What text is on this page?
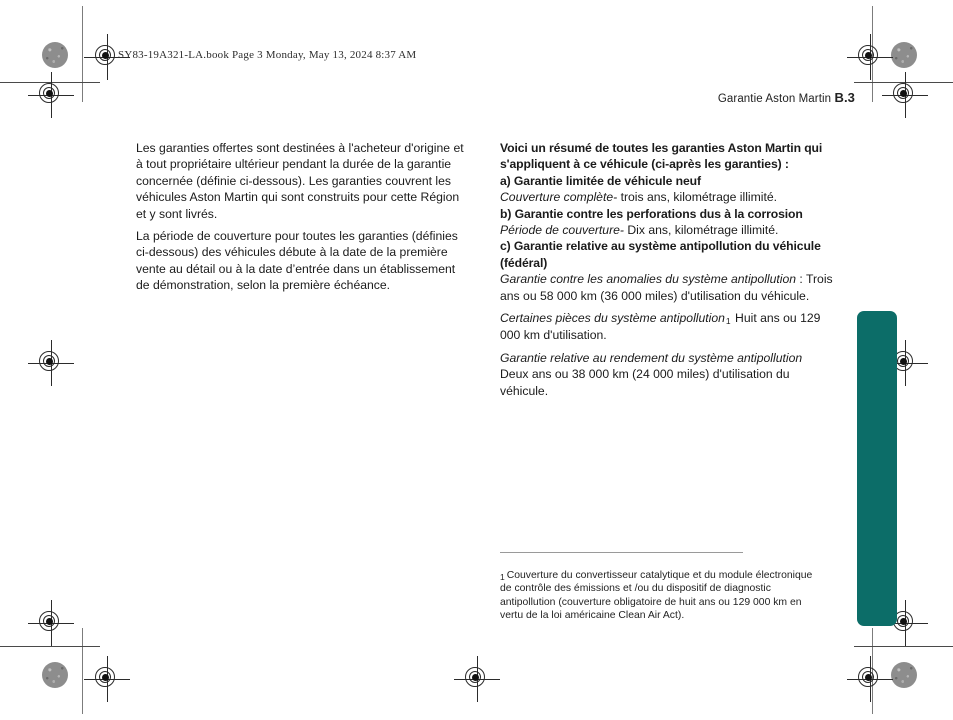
SY83-19A321-LA.book Page 3 Monday, May 13, 2024 8:37 AM
Garantie Aston Martin B.3

Les garanties offertes sont destinées à l'acheteur d'origine et à tout propriétaire ultérieur pendant la durée de la garantie concernée (définie ci-dessous). Les garanties couvrent les véhicules Aston Martin qui sont construits pour cette Région et y sont livrés.

La période de couverture pour toutes les garanties (définies ci-dessous) des véhicules débute à la date de la première vente au détail ou à la date d’entrée dans un établissement de démonstration, selon la première échéance.

Voici un résumé de toutes les garanties Aston Martin qui s'appliquent à ce véhicule (ci-après les garanties) :

a) Garantie limitée de véhicule neuf

Couverture complète- trois ans, kilométrage illimité.

b) Garantie contre les perforations dus à la corrosion

Période de couverture- Dix ans, kilométrage illimité.

c) Garantie relative au système antipollution du véhicule
(fédéral)

Garantie contre les anomalies du système antipollution : Trois ans ou 58 000 km (36 000 miles) d'utilisation du véhicule.

Certaines pièces du système antipollution$_1$ Huit ans ou 129 000 km d'utilisation.

Garantie relative au rendement du système antipollution
Deux ans ou 38 000 km (24 000 miles) d'utilisation du véhicule.

1 Couverture du convertisseur catalytique et du module électronique de contrôle des émissions et /ou du dispositif de diagnostic antipollution (couverture obligatoire de huit ans ou 129 000 km en vertu de la loi américaine Clean Air Act).
